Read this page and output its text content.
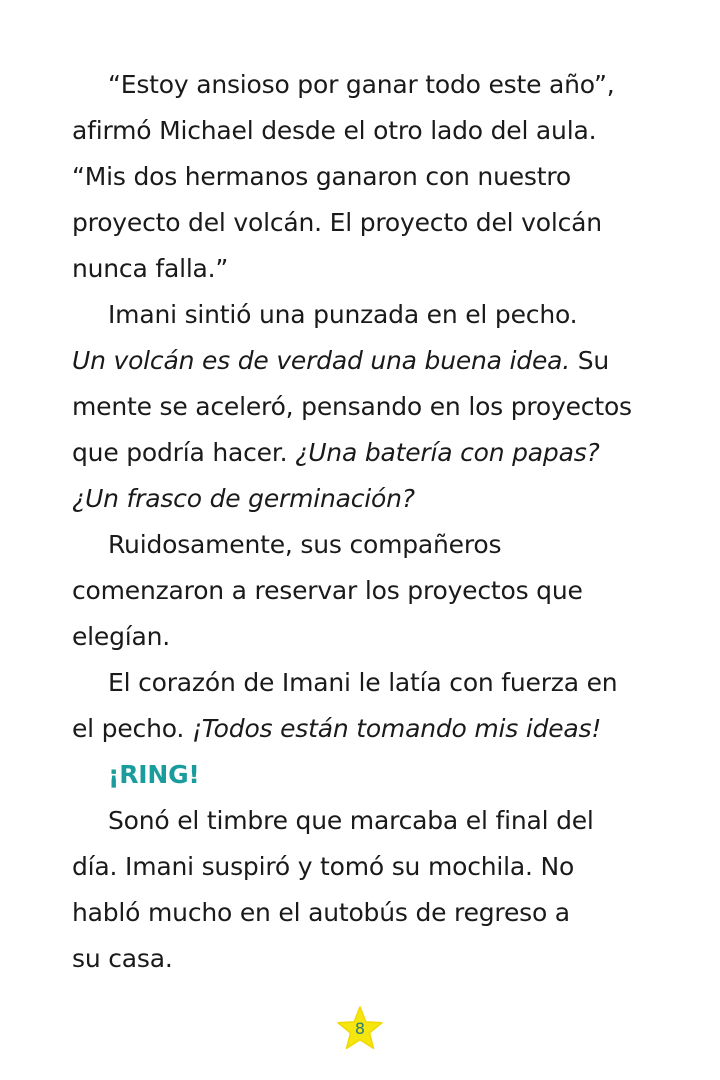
“Estoy ansioso por ganar todo este año”,
afirmó Michael desde el otro lado del aula.
“Mis dos hermanos ganaron con nuestro
proyecto del volcán. El proyecto del volcán
nunca falla.”
Imani sintió una punzada en el pecho.
Un volcán es de verdad una buena idea. Su
mente se aceleró, pensando en los proyectos
que podría hacer. ¿Una batería con papas?
¿Un frasco de germinación?
Ruidosamente, sus compañeros
comenzaron a reservar los proyectos que
elegían.
El corazón de Imani le latía con fuerza en
el pecho. ¡Todos están tomando mis ideas!
¡RING!
Sonó el timbre que marcaba el final del
día. Imani suspiró y tomó su mochila. No
habló mucho en el autobús de regreso a
su casa.
8
